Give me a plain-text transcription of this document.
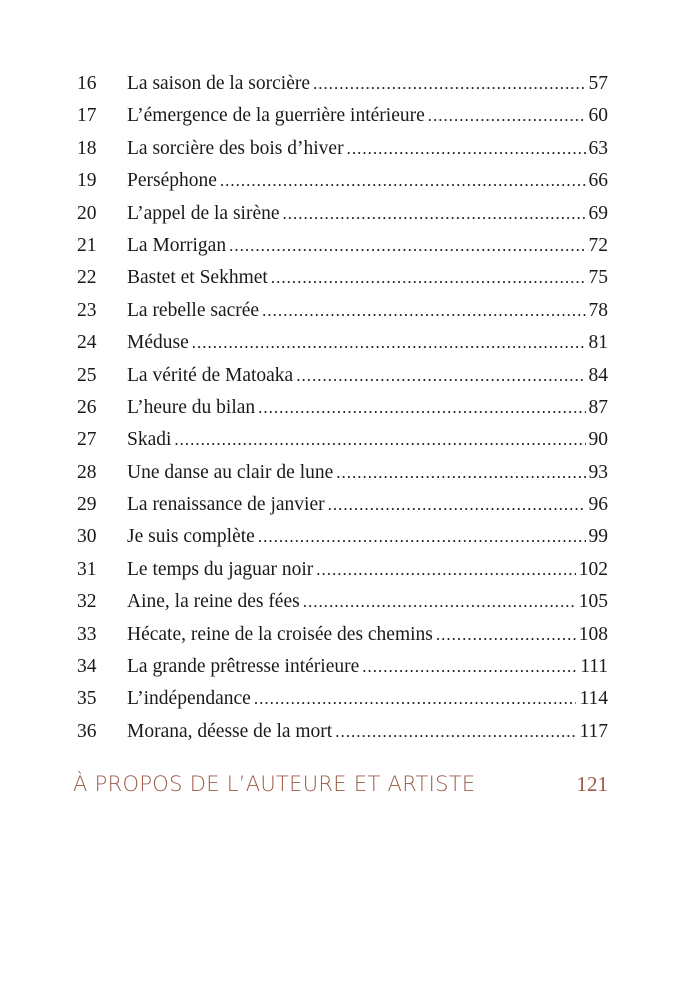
16	La saison de la sorcière .....	57
17	L’émergence de la guerrière intérieure .....	60
18	La sorcière des bois d’hiver .....	63
19	Perséphone .....	66
20	L’appel de la sirène .....	69
21	La Morrigan .....	72
22	Bastet et Sekhmet .....	75
23	La rebelle sacrée .....	78
24	Méduse .....	81
25	La vérité de Matoaka .....	84
26	L’heure du bilan .....	87
27	Skadi .....	90
28	Une danse au clair de lune .....	93
29	La renaissance de janvier .....	96
30	Je suis complète .....	99
31	Le temps du jaguar noir .....	102
32	Aine, la reine des fées .....	105
33	Hécate, reine de la croisée des chemins .....	108
34	La grande prêtresse intérieure .....	111
35	L’indépendance .....	114
36	Morana, déesse de la mort .....	117
À PROPOS DE L’AUTEURE ET ARTISTE	121
